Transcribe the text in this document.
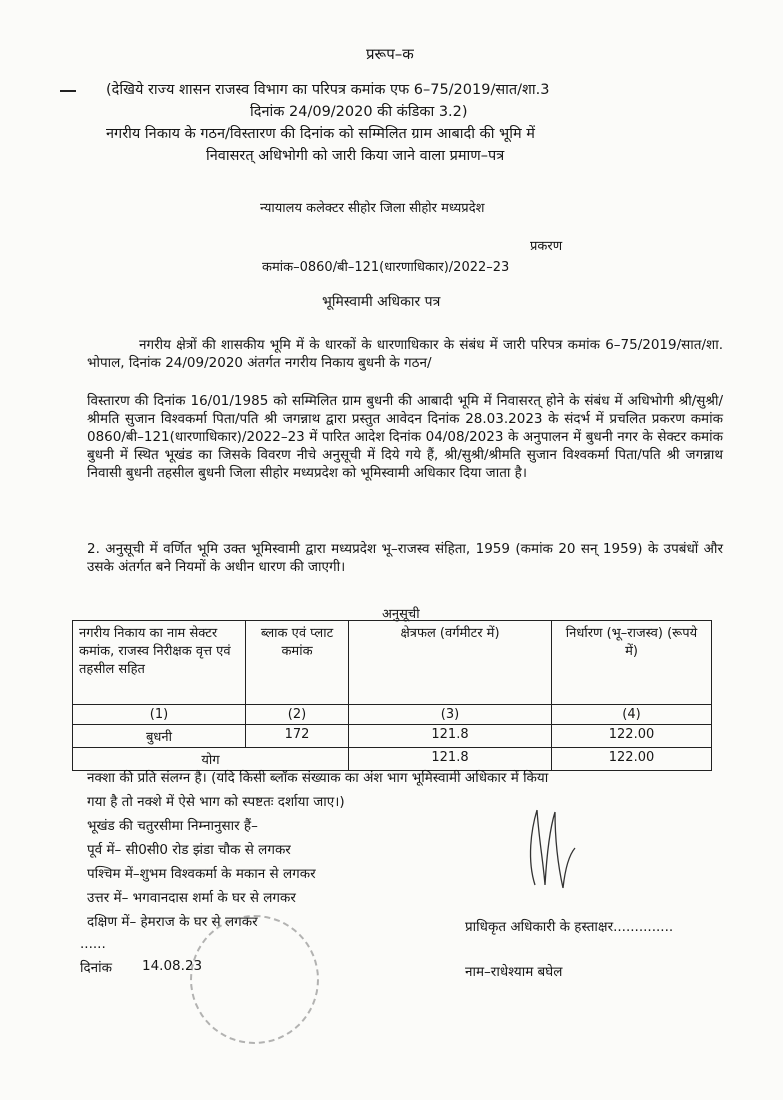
प्ररूप–क
(देखिये राज्य शासन राजस्व विभाग का परिपत्र कमांक एफ 6–75/2019/सात/शा.3
दिनांक 24/09/2020 की कंडिका 3.2)
नगरीय निकाय के गठन/विस्तारण की दिनांक को सम्मिलित ग्राम आबादी की भूमि में
निवासरत् अधिभोगी को जारी किया जाने वाला प्रमाण–पत्र
न्यायालय कलेक्टर सीहोर जिला सीहोर मध्यप्रदेश
प्रकरण
कमांक–0860/बी–121(धारणाधिकार)/2022–23
भूमिस्वामी अधिकार पत्र
नगरीय क्षेत्रों की शासकीय भूमि में के धारकों के धारणाधिकार के संबंध में जारी परिपत्र कमांक 6–75/2019/सात/शा. भोपाल, दिनांक 24/09/2020 अंतर्गत नगरीय निकाय बुधनी के गठन/
विस्तारण की दिनांक 16/01/1985 को सम्मिलित ग्राम बुधनी की आबादी भूमि में निवासरत् होने के संबंध में अधिभोगी श्री/सुश्री/श्रीमति सुजान विश्वकर्मा पिता/पति श्री जगन्नाथ द्वारा प्रस्तुत आवेदन दिनांक 28.03.2023 के संदर्भ में प्रचलित प्रकरण कमांक 0860/बी–121(धारणाधिकार)/2022–23 में पारित आदेश दिनांक 04/08/2023 के अनुपालन में बुधनी नगर के सेक्टर कमांक बुधनी में स्थित भूखंड का जिसके विवरण नीचे अनुसूची में दिये गये हैं, श्री/सुश्री/श्रीमति सुजान विश्वकर्मा पिता/पति श्री जगन्नाथ निवासी बुधनी तहसील बुधनी जिला सीहोर मध्यप्रदेश को भूमिस्वामी अधिकार दिया जाता है।
2. अनुसूची में वर्णित भूमि उक्त भूमिस्वामी द्वारा मध्यप्रदेश भू–राजस्व संहिता, 1959 (कमांक 20 सन् 1959) के उपबंधों और उसके अंतर्गत बने नियमों के अधीन धारण की जाएगी।
अनुसूची
नगरीय निकाय का नाम सेक्टर कमांक, राजस्व निरीक्षक वृत्त एवं तहसील सहित	ब्लाक एवं प्लाट कमांक	क्षेत्रफल (वर्गमीटर में)	निर्धारण (भू–राजस्व) (रूपये में)
(1)	(2)	(3)	(4)
बुधनी	172	121.8	122.00
योग		121.8	122.00
नक्शा की प्रति संलग्न है। (यदि किसी ब्लॉक संख्याक का अंश भाग भूमिस्वामी अधिकार में किया
गया है तो नक्शे में ऐसे भाग को स्पष्टतः दर्शाया जाए।)
भूखंड की चतुरसीमा निम्नानुसार हैं–
पूर्व में– सी0सी0 रोड झंडा चौक से लगकर
पश्चिम में–शुभम विश्वकर्मा के मकान से लगकर
उत्तर में– भगवानदास शर्मा के घर से लगकर
दक्षिण में– हेमराज के घर से लगकर
......
दिनांक 14.08.23
प्राधिकृत अधिकारी के हस्ताक्षर..............
नाम–राधेश्याम बघेल
